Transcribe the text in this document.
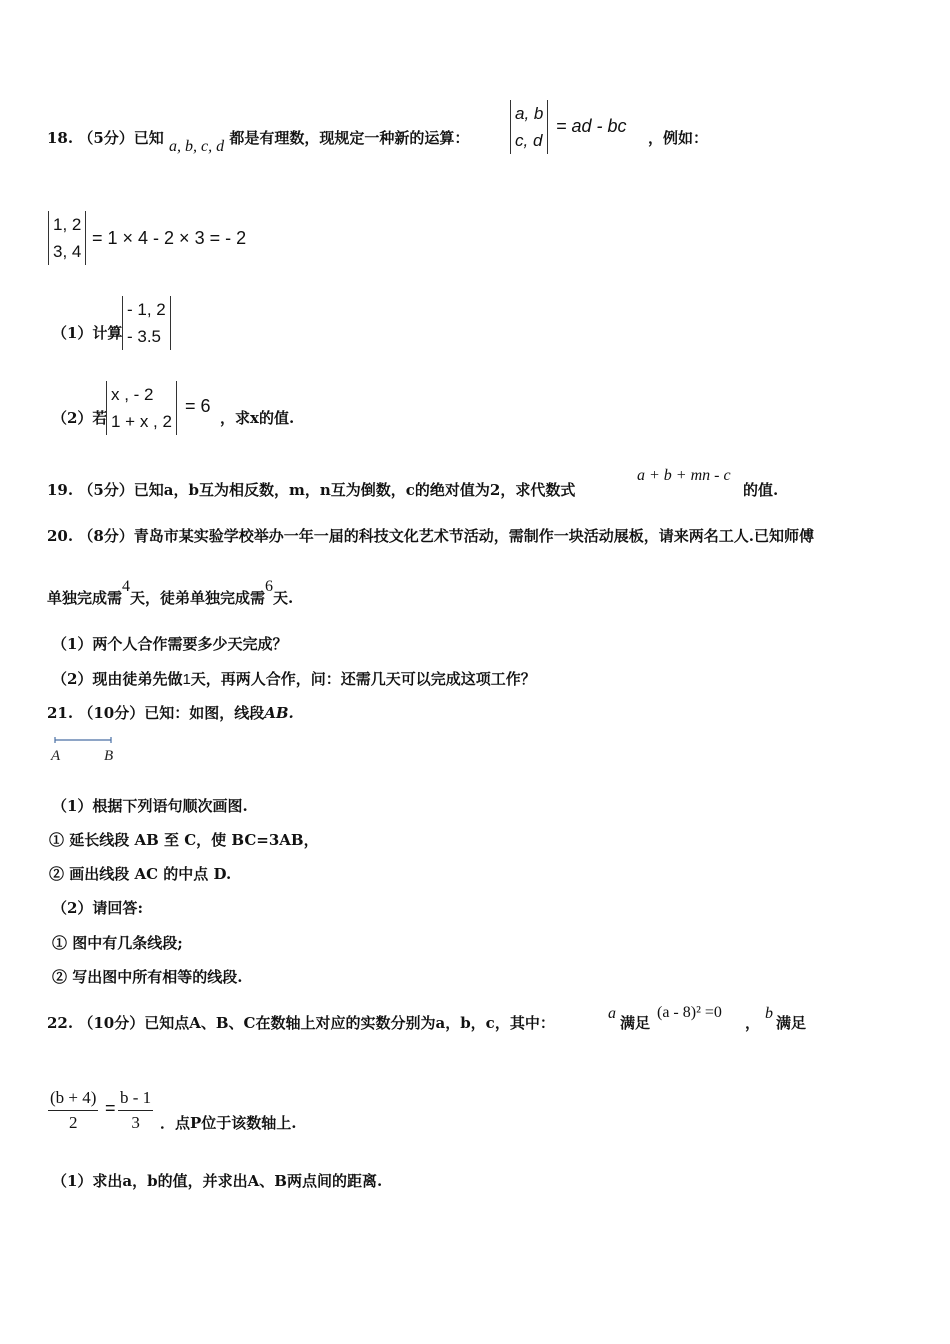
18. （5分）已知 a, b, c, d 都是有理数，现规定一种新的运算：
a, b
c, d
= ad - bc
，例如：
1, 2
3, 4
= 1 × 4 - 2 × 3 = - 2
（1）计算
- 1, 2
- 3.5
（2）若
x , - 2
1 + x , 2
= 6
，求x的值.
19. （5分）已知a，b互为相反数，m，n互为倒数，c的绝对值为2，求代数式
a + b + mn - c
的值.
20. （8分）青岛市某实验学校举办一年一届的科技文化艺术节活动，需制作一块活动展板，请来两名工人.已知师傅
单独完成需4天，徒弟单独完成需6天.
（1）两个人合作需要多少天完成？
（2）现由徒弟先做1天，再两人合作，问：还需几天可以完成这项工作？
21. （10分）已知：如图，线段AB.
A	B
（1）根据下列语句顺次画图.
① 延长线段 AB 至 C，使 BC=3AB，
② 画出线段 AC 的中点 D.
（2）请回答:
① 图中有几条线段;
② 写出图中所有相等的线段.
22. （10分）已知点A、B、C在数轴上对应的实数分别为a，b，c，其中：
a
满足
(a - 8)² =0
，
b
满足
$\frac{(b + 4)}{2} = \frac{b - 1}{3}$ ．点P位于该数轴上.
（1）求出a，b的值，并求出A、B两点间的距离.
